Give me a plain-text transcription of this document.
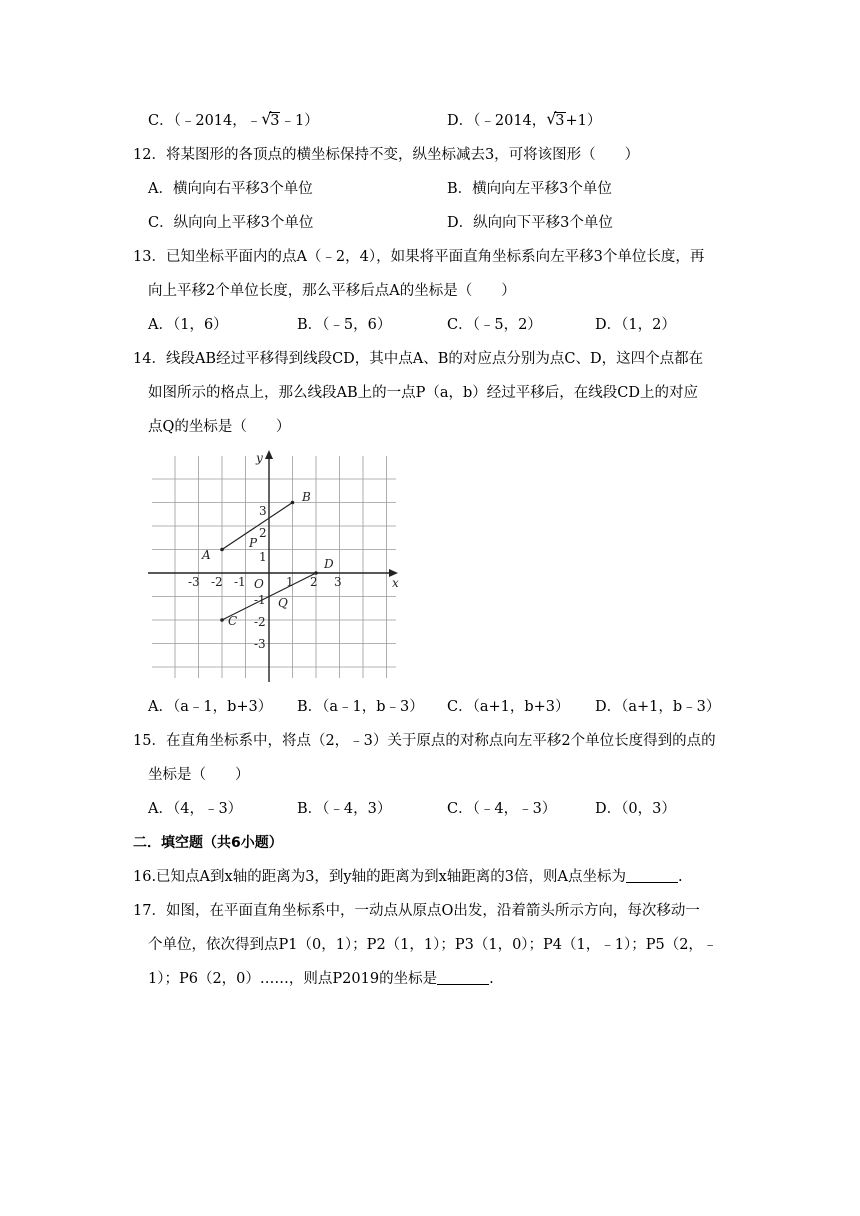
C．（﹣2014，﹣ √
3﹣1）	D．（﹣2014， √
3+1）
12．将某图形的各顶点的横坐标保持不变，纵坐标减去3，可将该图形（　　）
A．横向向右平移3个单位	B．横向向左平移3个单位
C．纵向向上平移3个单位	D．纵向向下平移3个单位
13．已知坐标平面内的点A（﹣2，4），如果将平面直角坐标系向左平移3个单位长度，再
向上平移2个单位长度，那么平移后点A的坐标是（　　）
A．（1，6）	B．（﹣5，6）	C．（﹣5，2）	D．（1，2）
14．线段AB经过平移得到线段CD，其中点A、B的对应点分别为点C、D，这四个点都在
如图所示的格点上，那么线段AB上的一点P（a，b）经过平移后，在线段CD上的对应
点Q的坐标是（　　）
x
y
O
-3 -2 -1	1 2 3
3
2
1
-1
-2
-3
A
B
C
D
P
Q
A．（a﹣1，b+3） B．（a﹣1，b﹣3） C．（a+1，b+3） D．（a+1，b﹣3）
15．在直角坐标系中，将点（2，﹣3）关于原点的对称点向左平移2个单位长度得到的点的
坐标是（　　）
A．（4，﹣3）	B．（﹣4，3）	C．（﹣4，﹣3）	D．（0，3）
二．填空题（共6小题）
16.已知点A到x轴的距离为3，到y轴的距离为到x轴距离的3倍，则A点坐标为	.
17．如图，在平面直角坐标系中，一动点从原点O出发，沿着箭头所示方向，每次移动一
个单位，依次得到点P1（0，1）；P2（1，1）；P3（1，0）；P4（1，﹣1）；P5（2，﹣
1）；P6（2，0）……，则点P2019的坐标是	.
